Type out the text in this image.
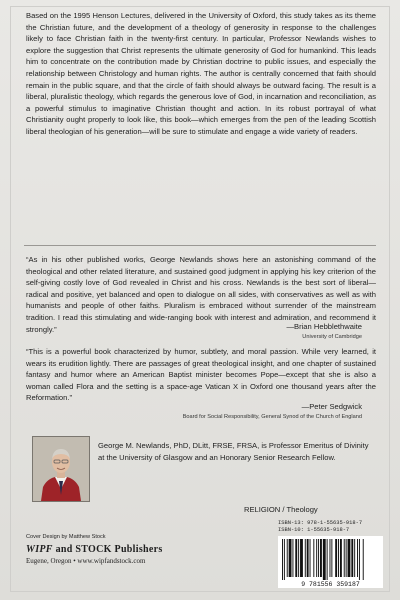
Based on the 1995 Henson Lectures, delivered in the University of Oxford, this study takes as its theme the Christian future, and the development of a theology of generosity in response to the challenges likely to face Christian faith in the twenty-first century. In particular, Professor Newlands wishes to explore the suggestion that Christ represents the ultimate generosity of God for humankind. This leads him to concentrate on the contribution made by Christian doctrine to public issues, and especially the relationship between Christology and human rights. The author is centrally concerned that faith should remain in the public square, and that the circle of faith should always be outward facing. The result is a liberal, pluralistic theology, which regards the generous love of God, in incarnation and reconciliation, as a powerful stimulus to imaginative Christian thought and action. In its robust portrayal of what Christianity ought properly to look like, this book—which emerges from the pen of the leading Scottish liberal theologian of his generation—will be sure to stimulate and engage a wide variety of readers.

“As in his other published works, George Newlands shows here an astonishing command of the theological and other related literature, and sustained good judgment in applying his key criterion of the self-giving costly love of God revealed in Christ and his cross. Newlands is the best sort of liberal—radical and positive, yet balanced and open to dialogue on all sides, with conservatives as well as with humanists and people of other faiths. Pluralism is embraced without surrender of the mainstream tradition. I read this stimulating and wide-ranging book with interest and admiration, and recommend it strongly.”	—Brian Hebblethwaite
University of Cambridge

“This is a powerful book characterized by humor, subtlety, and moral passion. While very learned, it wears its erudition lightly. There are passages of great theological insight, and one chapter of sustained fantasy and humor where an American Baptist minister becomes Pope—except that she is also a woman called Flora and the setting is a space-age Vatican X in Oxford one thousand years after the Reformation.”

—Peter Sedgwick
Board for Social Responsibility, General Synod of the Church of England
George M. Newlands, PhD, DLitt, FRSE, FRSA, is Professor Emeritus of Divinity at the University of Glasgow and an Honorary Senior Research Fellow.
RELIGION / Theology
Cover Design by Matthew Stock
WIPF and STOCK Publishers
Eugene, Oregon • www.wipfandstock.com
ISBN-13: 978-1-55635-918-7
ISBN-10: 1-55635-918-7
9 781556 359187
